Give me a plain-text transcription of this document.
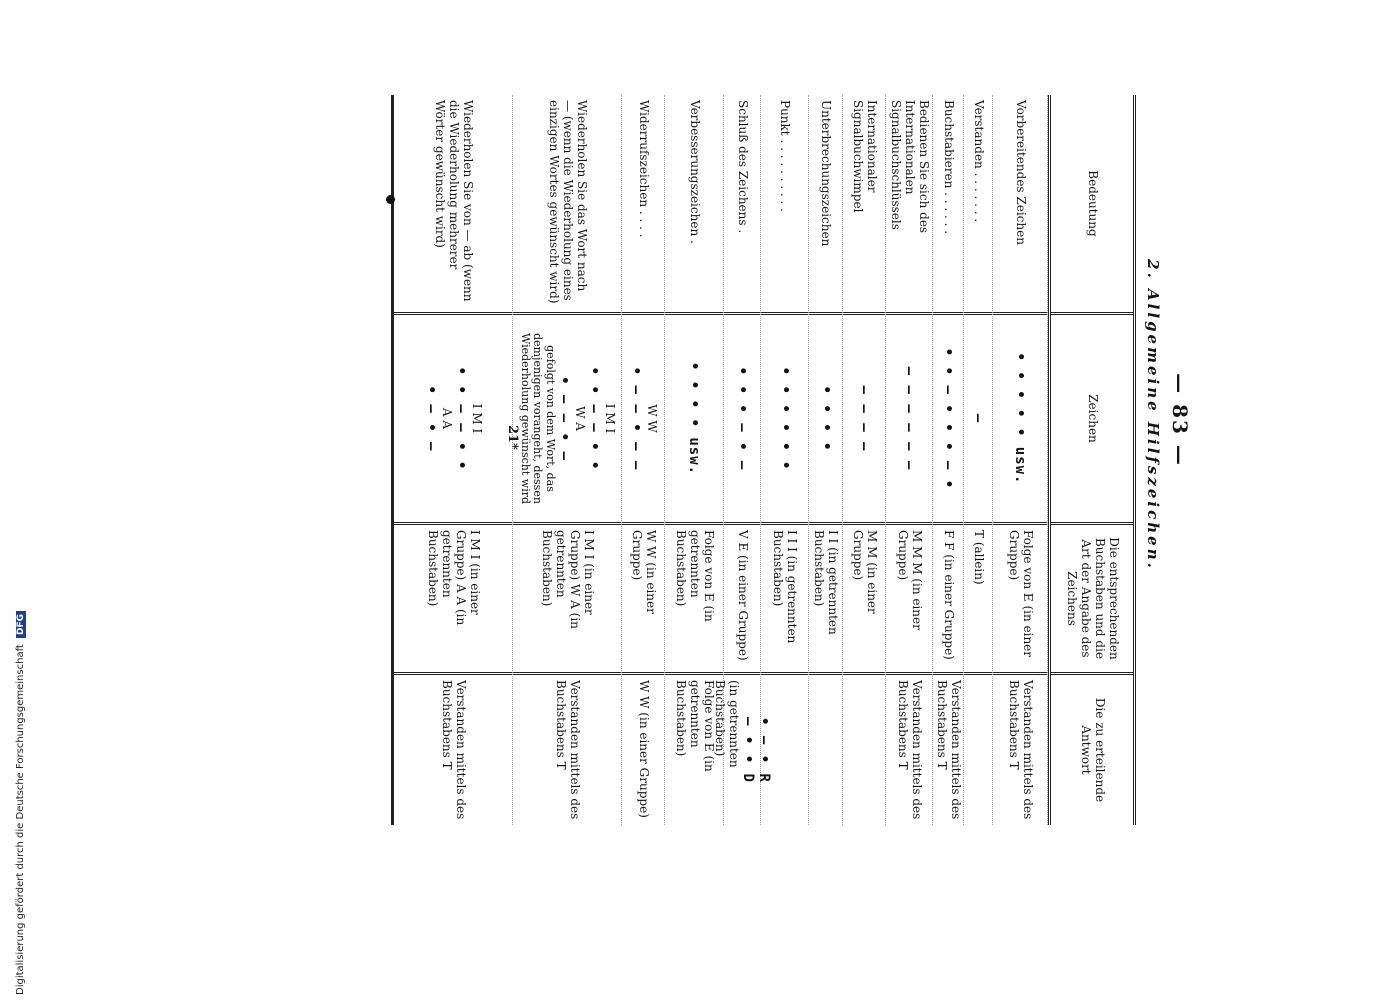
— 83 —
2. Allgemeine Hilfszeichen.
Bedeutung
Zeichen
Die entsprechenden Buchstaben und die Art der Angabe des Zeichens
Die zu erteilende Antwort
Vorbereitendes Zeichen
• • • • • usw.
Folge von E (in einer Gruppe)
Verstanden mittels des Buchstabens T
Verstanden . . . . . . .
—
T (allein)
Buchstabieren . . . . . .
• • — • • • — •
F F (in einer Gruppe)
Verstanden mittels des Buchstabens T
Bedienen Sie sich des Internationalen Signalbuchschlüssels
— — — — — —
M M M (in einer Gruppe)
Verstanden mittels des Buchstabens T
Internationaler Signalbuchwimpel
— — — —
M M (in einer Gruppe)
Unterbrechungszeichen
• • • •
I I (in getrennten Buchstaben)
Punkt . . . . . . . . . .
• • • • • •
I I I (in getrennten Buchstaben)
Schluß des Zeichens .
• • • — • —
V E (in einer Gruppe)
• — • R
— • • D
(in getrennten Buchstaben)
Verbesserungszeichen .
• • • • usw.
Folge von E (in getrennten Buchstaben)
Folge von E (in getrennten Buchstaben)
Widerrufszeichen . . . .
W W
• — — • — —
W W (in einer Gruppe)
W W (in einer Gruppe)
Wiederholen Sie das Wort nach — (wenn die Wiederholung eines einzigen Wortes gewünscht wird)
I M I
• • — — • •
W A
• — — • —
gefolgt von dem Wort, das demjenigen vorangeht, dessen Wiederholung gewünscht wird
I M I (in einer Gruppe) W A (in getrennten Buchstaben)
Verstanden mittels des Buchstabens T
Wiederholen Sie von — ab (wenn die Wiederholung mehrerer Wörter gewünscht wird)
I M I
• • — — • •
A A
• — • —
I M I (in einer Gruppe) A A (in getrennten Buchstaben)
Verstanden mittels des Buchstabens T
21*
Digitalisierung gefördert durch die Deutsche Forschungsgemeinschaft DFG
